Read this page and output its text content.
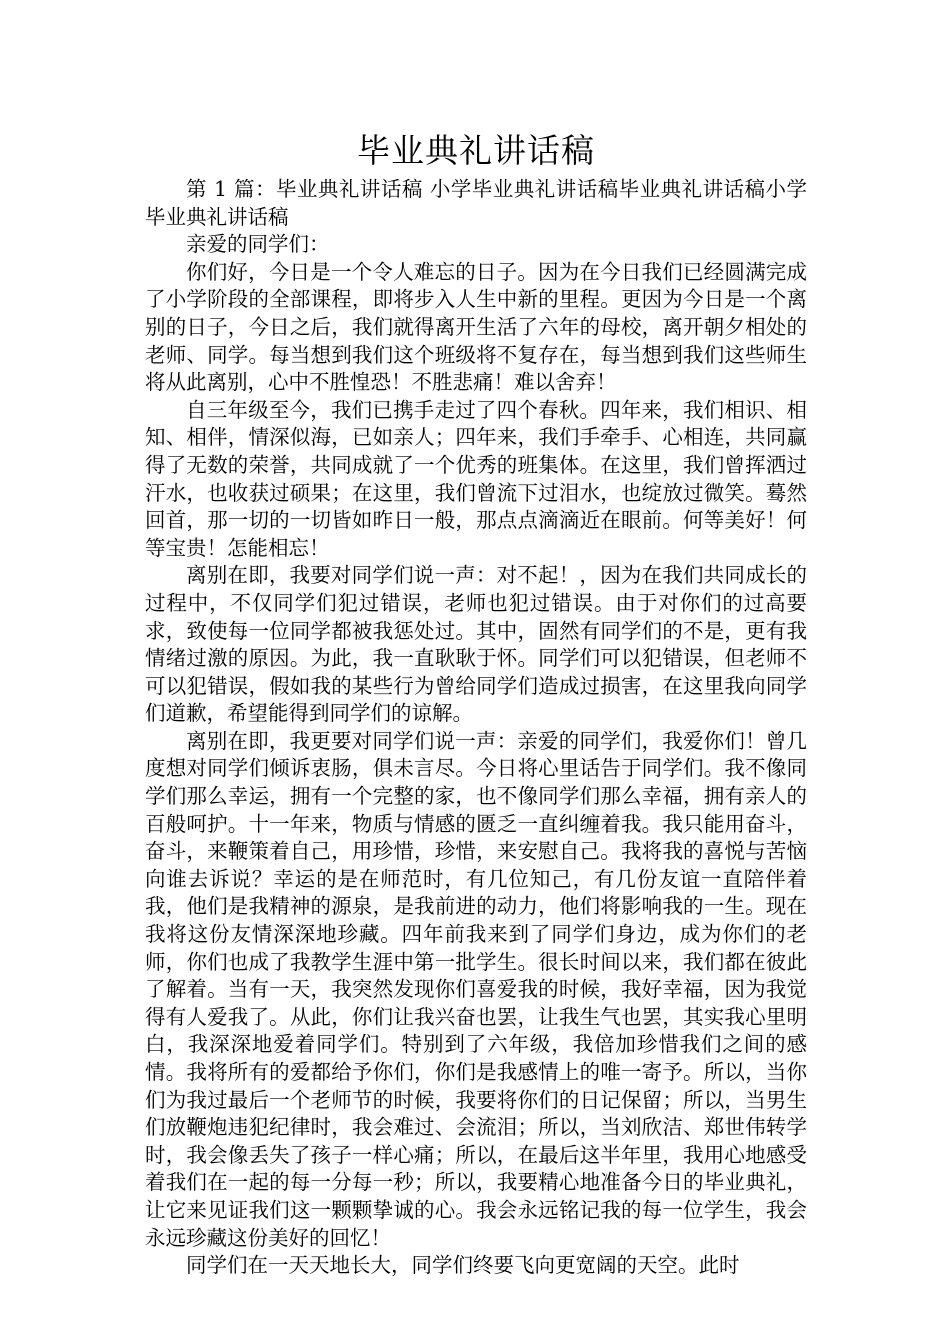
毕业典礼讲话稿

第 1 篇：毕业典礼讲话稿 小学毕业典礼讲话稿毕业典礼讲话稿小学毕业典礼讲话稿

亲爱的同学们：

你们好，今日是一个令人难忘的日子。因为在今日我们已经圆满完成了小学阶段的全部课程，即将步入人生中新的里程。更因为今日是一个离别的日子，今日之后，我们就得离开生活了六年的母校，离开朝夕相处的老师、同学。每当想到我们这个班级将不复存在，每当想到我们这些师生将从此离别，心中不胜惶恐！不胜悲痛！难以舍弃！

自三年级至今，我们已携手走过了四个春秋。四年来，我们相识、相知、相伴，情深似海，已如亲人；四年来，我们手牵手、心相连，共同赢得了无数的荣誉，共同成就了一个优秀的班集体。在这里，我们曾挥洒过汗水，也收获过硕果；在这里，我们曾流下过泪水，也绽放过微笑。蓦然回首，那一切的一切皆如昨日一般，那点点滴滴近在眼前。何等美好！何等宝贵！怎能相忘！

离别在即，我要对同学们说一声：对不起！，因为在我们共同成长的过程中，不仅同学们犯过错误，老师也犯过错误。由于对你们的过高要求，致使每一位同学都被我惩处过。其中，固然有同学们的不是，更有我情绪过激的原因。为此，我一直耿耿于怀。同学们可以犯错误，但老师不可以犯错误，假如我的某些行为曾给同学们造成过损害，在这里我向同学们道歉，希望能得到同学们的谅解。

离别在即，我更要对同学们说一声：亲爱的同学们，我爱你们！曾几度想对同学们倾诉衷肠，俱未言尽。今日将心里话告于同学们。我不像同学们那么幸运，拥有一个完整的家，也不像同学们那么幸福，拥有亲人的百般呵护。十一年来，物质与情感的匮乏一直纠缠着我。我只能用奋斗，奋斗，来鞭策着自己，用珍惜，珍惜，来安慰自己。我将我的喜悦与苦恼向谁去诉说？幸运的是在师范时，有几位知己，有几份友谊一直陪伴着我，他们是我精神的源泉，是我前进的动力，他们将影响我的一生。现在我将这份友情深深地珍藏。四年前我来到了同学们身边，成为你们的老师，你们也成了我教学生涯中第一批学生。很长时间以来，我们都在彼此了解着。当有一天，我突然发现你们喜爱我的时候，我好幸福，因为我觉得有人爱我了。从此，你们让我兴奋也罢，让我生气也罢，其实我心里明白，我深深地爱着同学们。特别到了六年级，我倍加珍惜我们之间的感情。我将所有的爱都给予你们，你们是我感情上的唯一寄予。所以，当你们为我过最后一个老师节的时候，我要将你们的日记保留；所以，当男生们放鞭炮违犯纪律时，我会难过、会流泪；所以，当刘欣洁、郑世伟转学时，我会像丢失了孩子一样心痛；所以，在最后这半年里，我用心地感受着我们在一起的每一分每一秒；所以，我要精心地准备今日的毕业典礼，让它来见证我们这一颗颗挚诚的心。我会永远铭记我的每一位学生，我会永远珍藏这份美好的回忆！

同学们在一天天地长大，同学们终要飞向更宽阔的天空。此时
